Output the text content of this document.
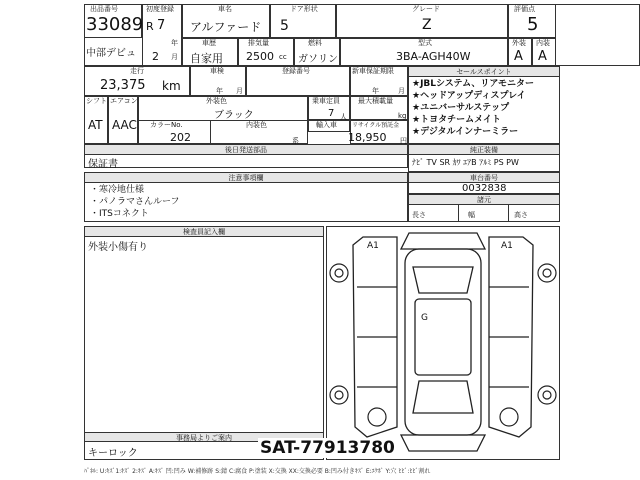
出品番号
33089
中部デビュ
初度登録
R 7
年
2 月
車名
アルファード
ドア形状
5
グレード
Z
評価点
5
車歴
自家用
排気量
2500 cc
燃料
ガソリン
型式
3BA-AGH40W
外装 内装
A A
走行
23,375 km
車検
年 月
登録番号	新車保証期限
年	月
シフト
AT
エアコン
AAC
外装色
ブラック
カラーNo.	内装色
202	系
乗車定員
7 人
最大積載量
kg
輸入車	リサイクル預託金
18,950 円
後日発送部品
保証書
セールスポイント
★JBLシステム、リアモニター
★ヘッドアップディスプレイ
★ユニバーサルステップ
★トヨタチームメイト
★デジタルインナーミラー
純正装備
ﾅﾋﾞ TV SR ｶﾜ ｴｱB ｱﾙﾐ PS PW
車台番号
0032838
諸元
長さ	幅	高さ
注意事項欄
・寒冷地仕様
・パノラマさんルーフ
・ITSコネクト
検査員記入欄
外装小傷有り
事務局よりご案内
キーロック
A1	A1
G
SAT-77913780
ﾊﾟﾈﾙ: U:ｷｽﾞ1:ｷｽﾞ 2:ｷｽﾞ A:ｷｽﾞ 凹:凹み W:補修跡 S:錆 C:腐食 P:塗装 X:交換 XX:交換必要 B:凹み付きｷｽﾞ E:ｴｸﾎﾞ Y:穴 ﾋﾋﾞ:ﾋﾋﾞ割れ
